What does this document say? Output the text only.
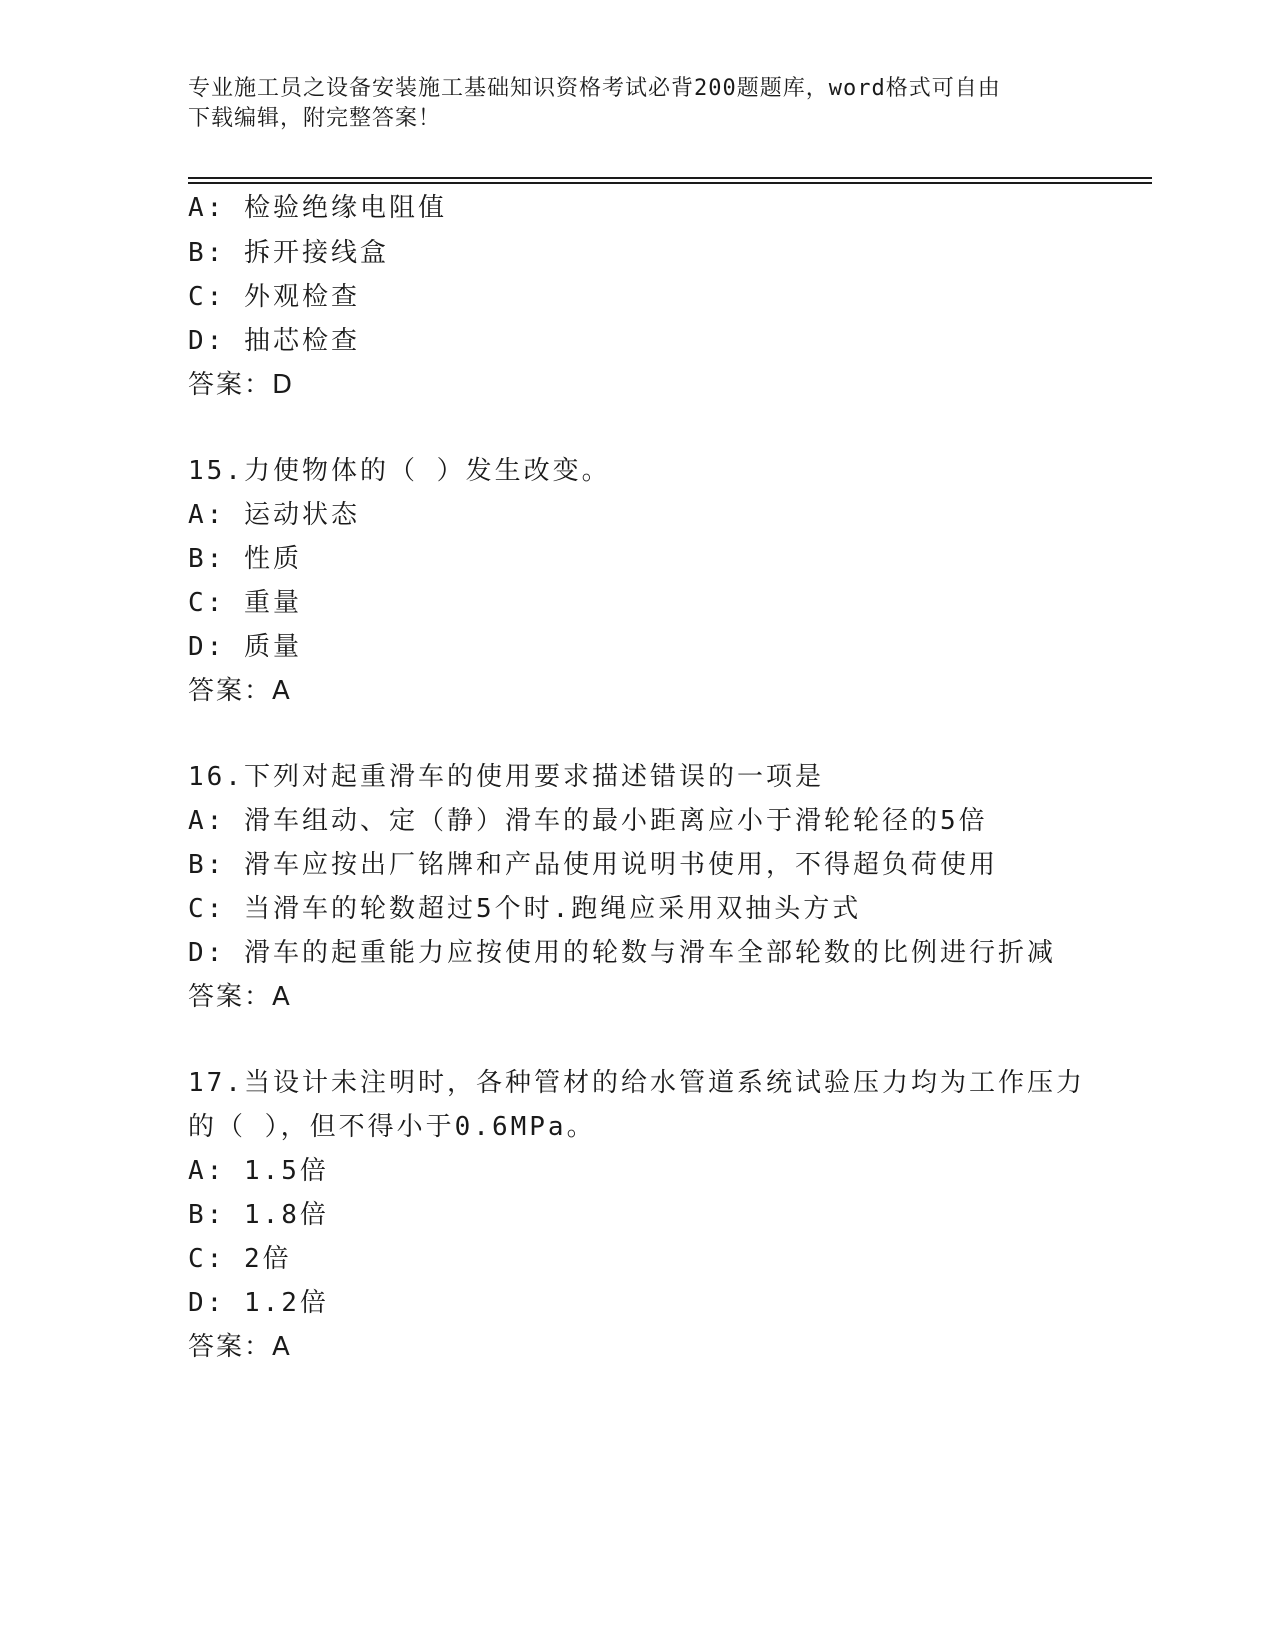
专业施工员之设备安装施工基础知识资格考试必背200题题库，word格式可自由
下载编辑，附完整答案！
A: 检验绝缘电阻值
B: 拆开接线盒
C: 外观检查
D: 抽芯检查
答案：D
15.力使物体的（ ）发生改变。
A: 运动状态
B: 性质
C: 重量
D: 质量
答案：A
16.下列对起重滑车的使用要求描述错误的一项是
A: 滑车组动、定（静）滑车的最小距离应小于滑轮轮径的5倍
B: 滑车应按出厂铭牌和产品使用说明书使用，不得超负荷使用
C: 当滑车的轮数超过5个时.跑绳应采用双抽头方式
D: 滑车的起重能力应按使用的轮数与滑车全部轮数的比例进行折减
答案：A
17.当设计未注明时，各种管材的给水管道系统试验压力均为工作压力
的（ ），但不得小于0.6MPa。
A: 1.5倍
B: 1.8倍
C: 2倍
D: 1.2倍
答案：A
